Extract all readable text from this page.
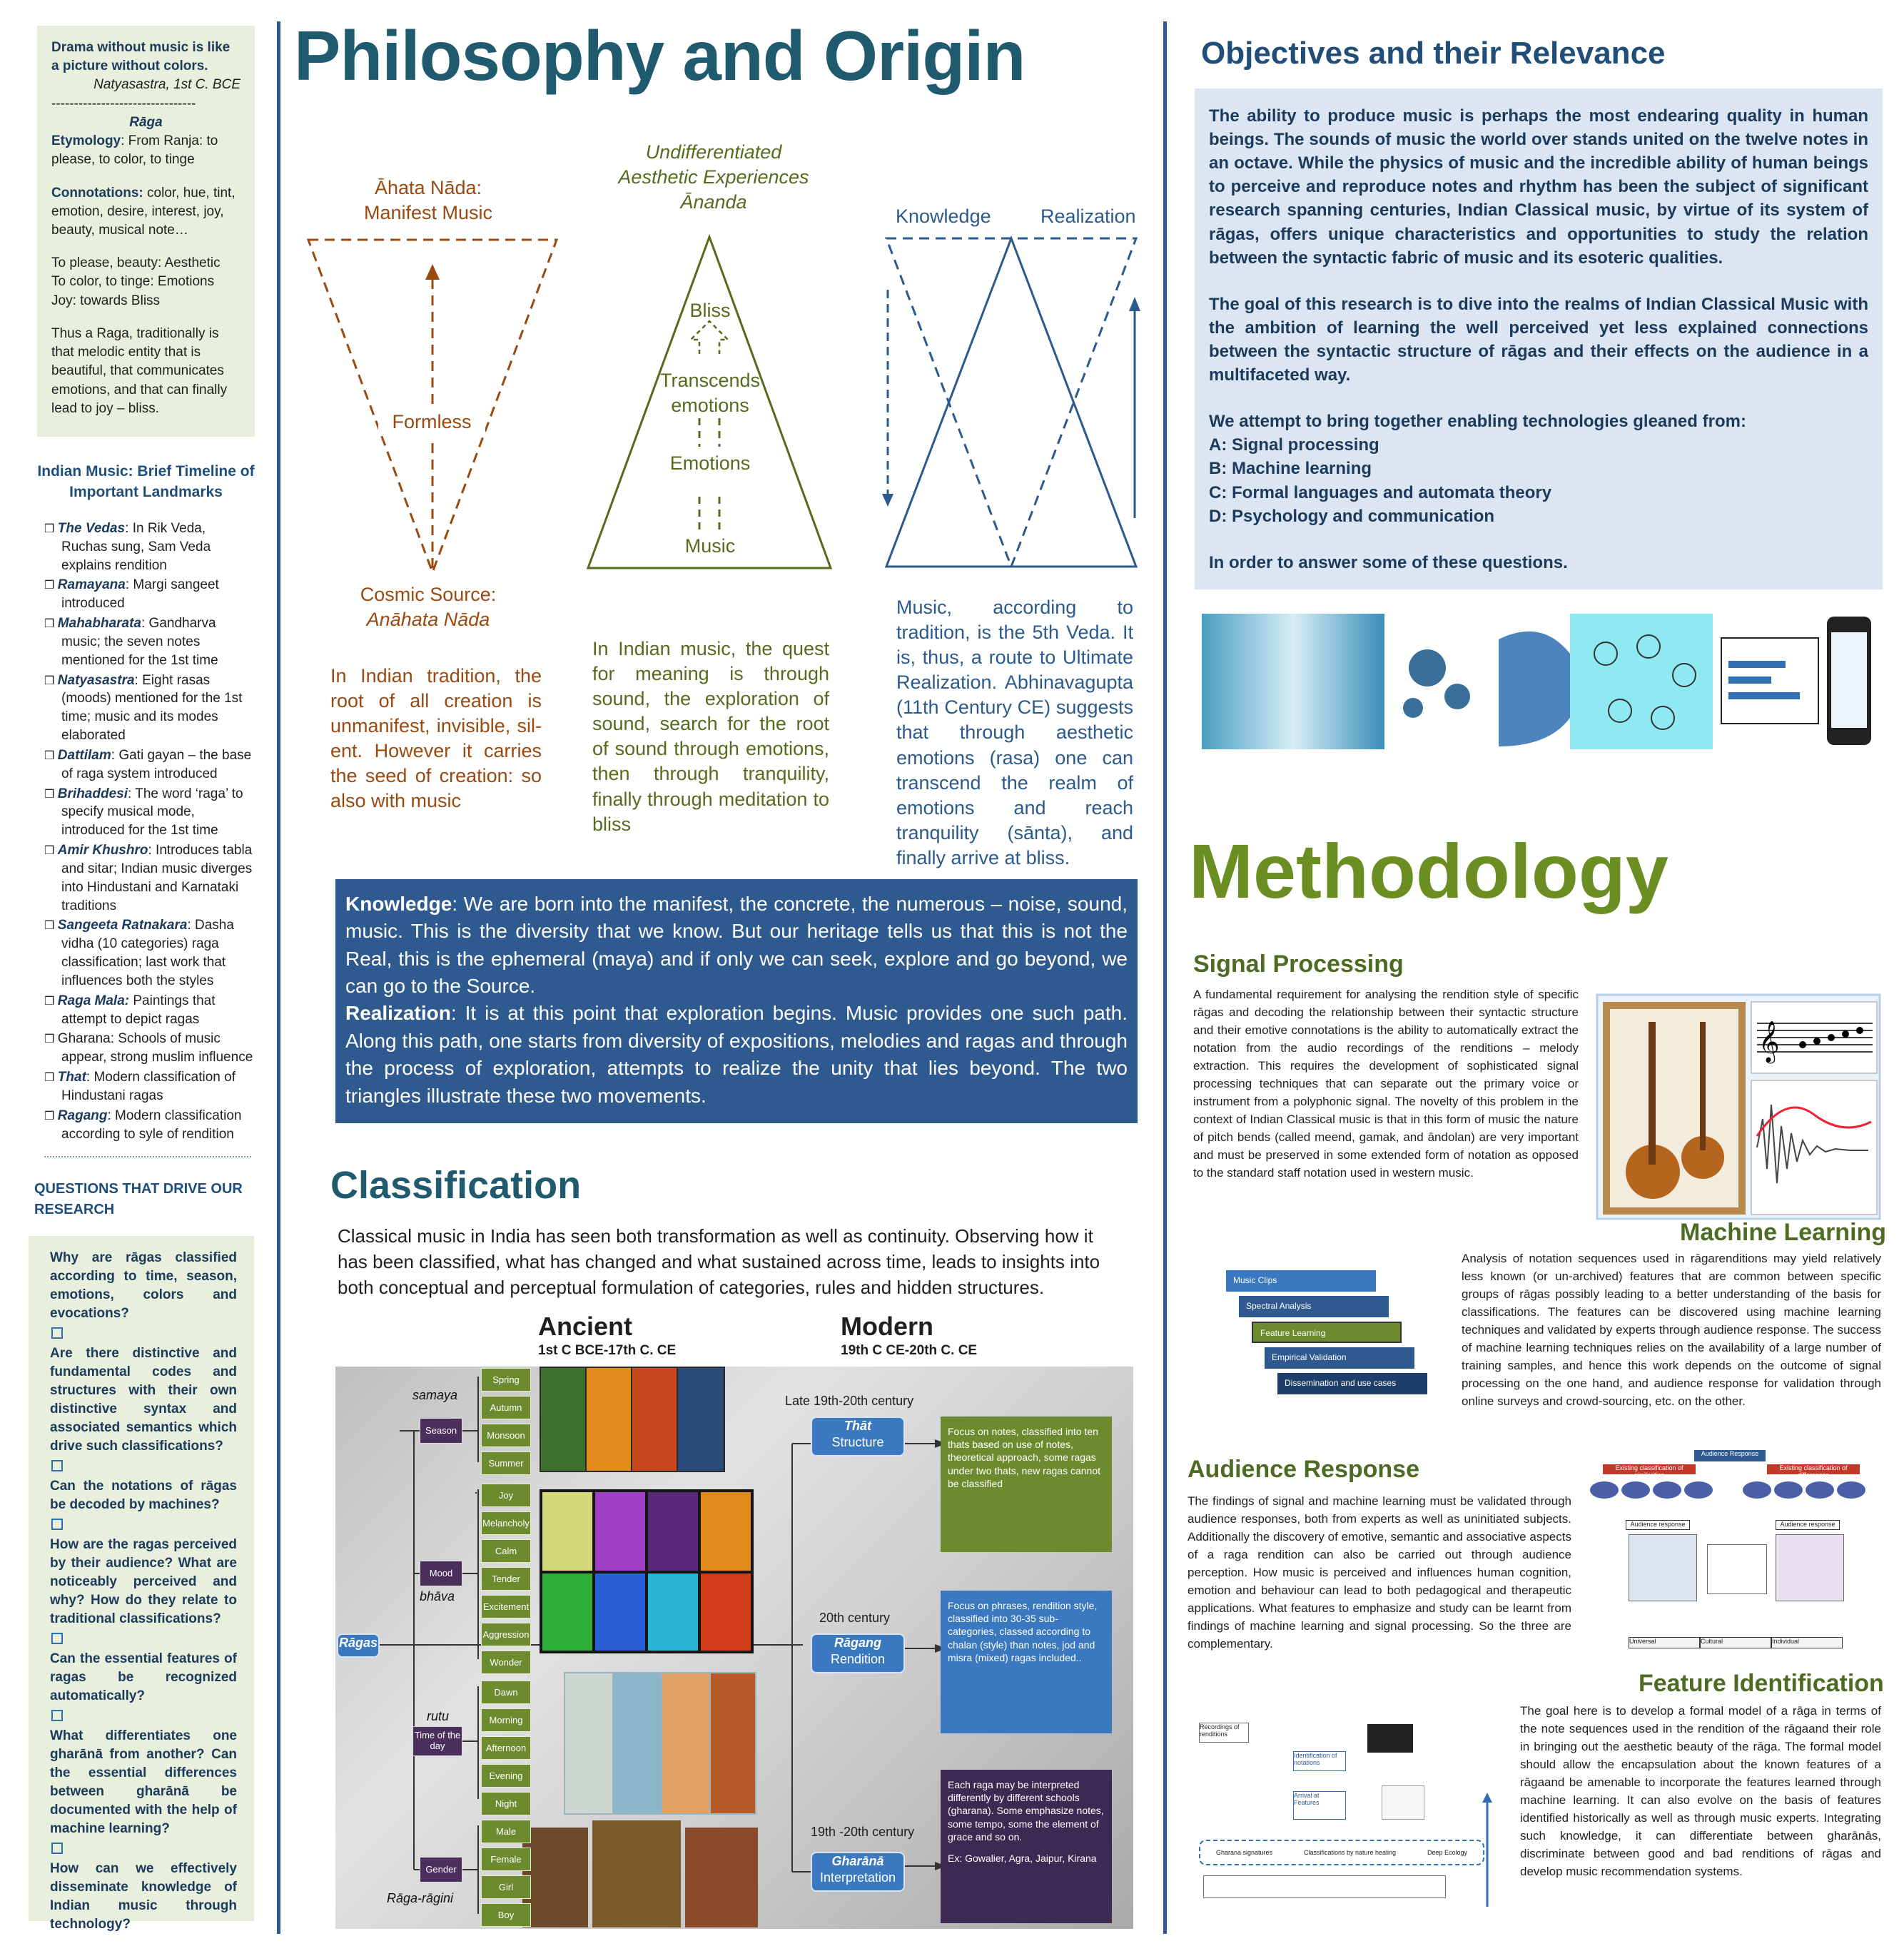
Drama without music is like a picture without colors.
Natyasastra, 1st C. BCE
--------------------------------
Rāga
Etymology: From Ranja: to please, to color, to tinge
Connotations: color, hue, tint, emotion, desire, interest, joy, beauty, musical note…
To please, beauty: Aesthetic
To color, to tinge: Emotions
Joy: towards Bliss
Thus a Raga, traditionally is that melodic entity that is beautiful, that communicates emotions, and that can finally lead to joy – bliss.
Indian Music: Brief Timeline of Important Landmarks
❒ The Vedas: In Rik Veda, Ruchas sung, Sam Veda explains rendition
❒ Ramayana: Margi sangeet introduced
❒ Mahabharata: Gandharva music; the seven notes mentioned for the 1st time
❒ Natyasastra: Eight rasas (moods) mentioned for the 1st time; music and its modes elaborated
❒ Dattilam: Gati gayan – the base of raga system introduced
❒ Brihaddesi: The word ‘raga’ to specify musical mode, introduced for the 1st time
❒ Amir Khushro: Introduces tabla and sitar; Indian music diverges into Hindustani and Karnataki traditions
❒ Sangeeta Ratnakara: Dasha vidha (10 categories) raga classification; last work that influences both the styles
❒ Raga Mala: Paintings that attempt to depict ragas
❒ Gharana: Schools of music appear, strong muslim influence
❒ That: Modern classification of Hindustani ragas
❒ Ragang: Modern classification according to syle of rendition
QUESTIONS THAT DRIVE OUR RESEARCH

Why are rāgas classified according to time, season, emotions, colors and evocations?

Are there distinctive and fundamental codes and structures with their own distinctive syntax and associated semantics which drive such classifications?

Can the notations of rāgas be decoded by machines?

How are the ragas perceived by their audience? What are noticeably perceived and why? How do they relate to traditional classifications?

Can the essential features of ragas be recognized automatically?

What differentiates one gharānā from another? Can the essential differences between gharānā be documented with the help of machine learning?

How can we effectively disseminate knowledge of Indian music through technology?

Philosophy and Origin
Āhata Nāda: Manifest Music
Formless
Cosmic Source:
Anāhata Nāda
In Indian tradition, the root of all creation is unmanifest, invisible, sil-ent. However it carries the seed of creation: so also with music
Undifferentiated
Aesthetic Experiences
Ānanda
Bliss
Transcends emotions
Emotions
Music
In Indian music, the quest for meaning is through sound, the exploration of sound, search for the root of sound through emotions, then through tranquility, finally through meditation to bliss
Knowledge	Realization
Music, according to tradition, is the 5th Veda. It is, thus, a route to Ultimate Realization. Abhinavagupta (11th Century CE) suggests that through aesthetic emotions (rasa) one can transcend the realm of emotions and reach tranquility (sānta), and finally arrive at bliss.
Knowledge: We are born into the manifest, the concrete, the numerous – noise, sound, music. This is the diversity that we know. But our heritage tells us that this is not the Real, this is the ephemeral (maya) and if only we can seek, explore and go beyond, we can go to the Source.
Realization: It is at this point that exploration begins. Music provides one such path. Along this path, one starts from diversity of expositions, melodies and ragas and through the process of exploration, attempts to realize the unity that lies beyond. The two triangles illustrate these two movements.
Classification
Classical music in India has seen both transformation as well as continuity. Observing how it has been classified, what has changed and what sustained across time, leads to insights into both conceptual and perceptual formulation of categories, rules and hidden structures.
Ancient
1st C BCE-17th C. CE
Modern
19th C CE-20th C. CE
samaya
Season
bhāva
Mood
rutu
Time of the day
Gender
Rāga-rāgini
Rāgas
Spring
Autumn
Monsoon
Summer
Joy
Melancholy
Calm
Tender
Excitement
Aggression
Wonder
Dawn
Morning
Afternoon
Evening
Night
Male
Female
Girl
Boy
Late 19th-20th century
Thāt
Structure
Focus on notes, classified into ten thats based on use of notes, theoretical approach, some ragas under two thats, new ragas cannot be classified
20th century
Rāgang
Rendition
Focus on phrases, rendition style, classified into 30-35 sub-categories, classed according to chalan (style) than notes, jod and misra (mixed) ragas included..
19th -20th century
Gharānā
Interpretation
Each raga may be interpreted differently by different schools (gharana). Some emphasize notes, some tempo, some the element of grace and so on.
Ex: Gowalier, Agra, Jaipur, Kirana
Objectives and their Relevance

The ability to produce music is perhaps the most endearing quality in human beings. The sounds of music the world over stands united on the twelve notes in an octave. While the physics of music and the incredible ability of human beings to perceive and reproduce notes and rhythm has been the subject of significant research spanning centuries, Indian Classical music, by virtue of its system of rāgas, offers unique characteristics and opportunities to study the relation between the syntactic fabric of music and its esoteric qualities.

The goal of this research is to dive into the realms of Indian Classical Music with the ambition of learning the well perceived yet less explained connections between the syntactic structure of rāgas and their effects on the audience in a multifaceted way.

We attempt to bring together enabling technologies gleaned from:

A: Signal processing

B: Machine learning

C: Formal languages and automata theory

D: Psychology and communication

In order to answer some of these questions.

Methodology
Signal Processing
A fundamental requirement for analysing the rendition style of specific rāgas and decoding the relationship between their syntactic structure and their emotive connotations is the ability to automatically extract the notation from the audio recordings of the renditions – melody extraction. This requires the development of sophisticated signal processing techniques that can separate out the primary voice or instrument from a polyphonic signal. The novelty of this problem in the context of Indian Classical music is that in this form of music the nature of pitch bends (called meend, gamak, and āndolan) are very important and must be preserved in some extended form of notation as opposed to the standard staff notation used in western music.
𝄞
Machine Learning
Analysis of notation sequences used in rāgarenditions may yield relatively less known (or un-archived) features that are common between specific groups of rāgas possibly leading to a better understanding of the basis for classifications. The features can be discovered using machine learning techniques and validated by experts through audience response. The success of machine learning techniques relies on the availability of a large number of training samples, and hence this work depends on the outcome of signal processing on the one hand, and audience response for validation through online surveys and crowd-sourcing, etc. on the other.
Music Clips
Spectral Analysis
Feature Learning
Empirical Validation
Dissemination and use cases
Audience Response
The findings of signal and machine learning must be validated through audience responses, both from experts as well as uninitiated subjects. Additionally the discovery of emotive, semantic and associative aspects of a raga rendition can also be carried out through audience perception. How music is perceived and influences human cognition, emotion and behaviour can lead to both pedagogical and therapeutic applications. What features to emphasize and study can be learnt from findings of machine learning and signal processing. So the three are complementary.
Audience Response
Existing classification of similarities
Existing classification of differences
Audience response	Audience response
Universal	Cultural	Individual
Feature Identification
The goal here is to develop a formal model of a rāga in terms of the note sequences used in the rendition of the rāgaand their role in bringing out the aesthetic beauty of the rāga. The formal model should allow the encapsulation about the known features of a rāgaand be amenable to incorporate the features learned through machine learning. It can also evolve on the basis of features identified historically as well as through music experts. Integrating such knowledge, it can differentiate between gharānās, discriminate between good and bad renditions of rāgas and develop music recommendation systems.
Recordings of renditions
Identification of notations
Arrival at Features
Gharana signatures	Classifications by nature healing	Deep Ecology
